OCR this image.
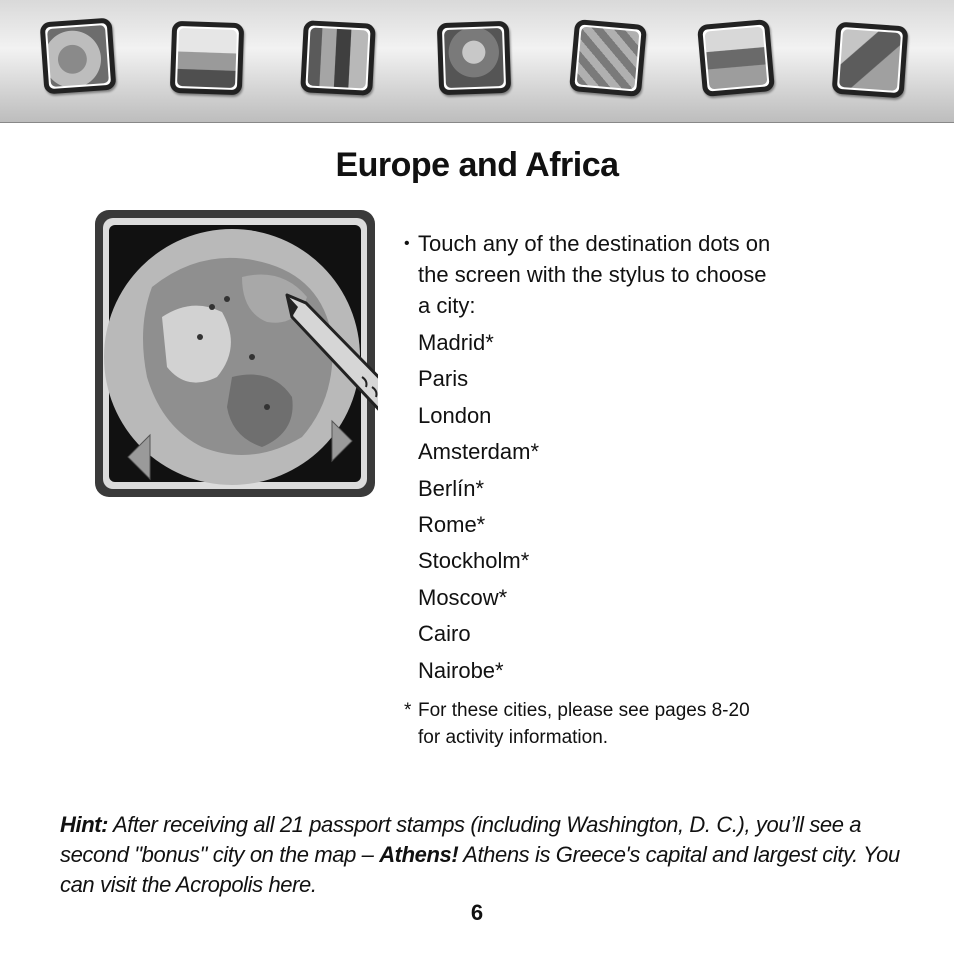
Europe and Africa
• Touch any of the destination dots on
the screen with the stylus to choose
a city:
Madrid*
Paris
London
Amsterdam*
Berlín*
Rome*
Stockholm*
Moscow*
Cairo
Nairobe*
* For these cities, please see pages 8-20
for activity information.
Hint: After receiving all 21 passport stamps (including Washington, D. C.), you’ll see a second "bonus" city on the map – Athens! Athens is Greece's capital and largest city. You can visit the Acropolis here.
6
